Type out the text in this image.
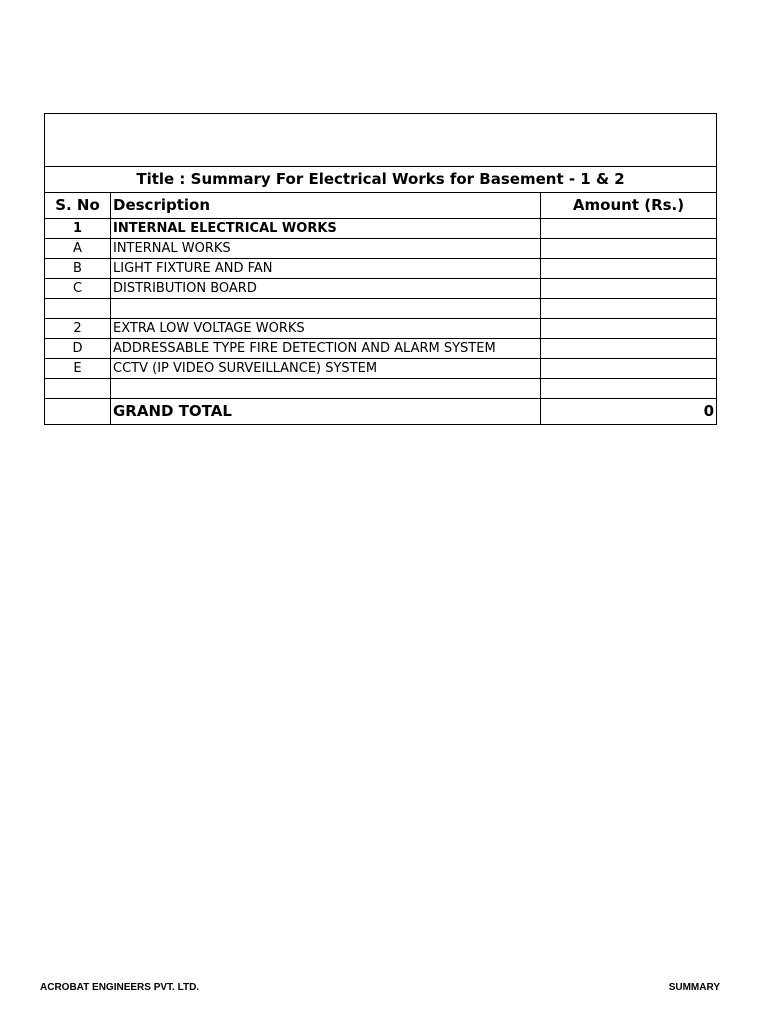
Title : Summary For Electrical Works for Basement - 1 & 2		
S. No	Description	Amount (Rs.)
1	INTERNAL ELECTRICAL WORKS	
A	INTERNAL WORKS	
B	LIGHT FIXTURE AND FAN	
C	DISTRIBUTION BOARD	

2	EXTRA LOW VOLTAGE WORKS	
D	ADDRESSABLE TYPE FIRE DETECTION AND ALARM SYSTEM	
E	CCTV (IP VIDEO SURVEILLANCE) SYSTEM	

	GRAND TOTAL	0
ACROBAT ENGINEERS PVT. LTD.	SUMMARY
